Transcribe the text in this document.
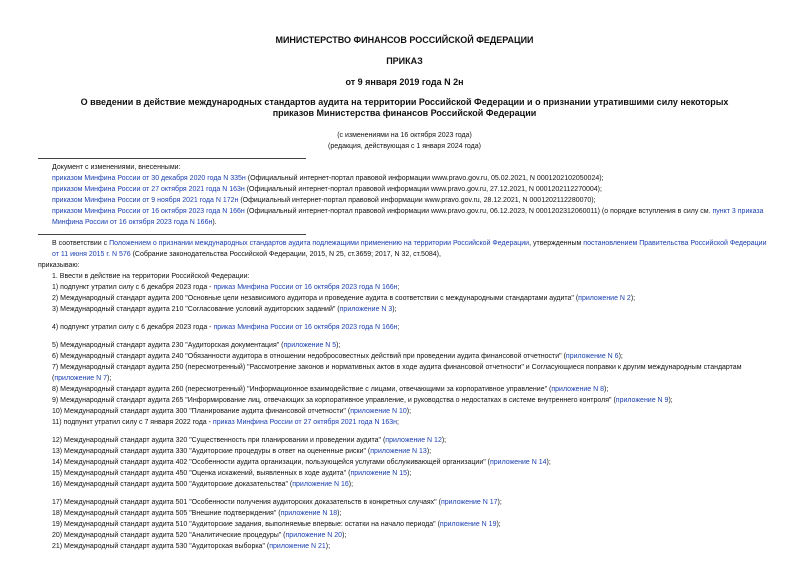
МИНИСТЕРСТВО ФИНАНСОВ РОССИЙСКОЙ ФЕДЕРАЦИИ
ПРИКАЗ
от 9 января 2019 года N 2н
О введении в действие международных стандартов аудита на территории Российской Федерации и о признании утратившими силу некоторых приказов Министерства финансов Российской Федерации
(с изменениями на 16 октября 2023 года)
(редакция, действующая с 1 января 2024 года)
Документ с изменениями, внесенными:
приказом Минфина России от 30 декабря 2020 года N 335н (Официальный интернет-портал правовой информации www.pravo.gov.ru, 05.02.2021, N 0001202102050024);
приказом Минфина России от 27 октября 2021 года N 163н (Официальный интернет-портал правовой информации www.pravo.gov.ru, 27.12.2021, N 0001202112270004);
приказом Минфина России от 9 ноября 2021 года N 172н (Официальный интернет-портал правовой информации www.pravo.gov.ru, 28.12.2021, N 0001202112280070);
приказом Минфина России от 16 октября 2023 года N 166н (Официальный интернет-портал правовой информации www.pravo.gov.ru, 06.12.2023, N 0001202312060011) (о порядке вступления в силу см. пункт 3 приказа Минфина России от 16 октября 2023 года N 166н).

В соответствии с Положением о признании международных стандартов аудита подлежащими применению на территории Российской Федерации, утвержденным постановлением Правительства Российской Федерации от 11 июня 2015 г. N 576 (Собрание законодательства Российской Федерации, 2015, N 25, ст.3659; 2017, N 32, ст.5084),

приказываю:

1. Ввести в действие на территории Российской Федерации:

1) подпункт утратил силу с 6 декабря 2023 года - приказ Минфина России от 16 октября 2023 года N 166н;

2) Международный стандарт аудита 200 "Основные цели независимого аудитора и проведение аудита в соответствии с международными стандартами аудита" (приложение N 2);

3) Международный стандарт аудита 210 "Согласование условий аудиторских заданий" (приложение N 3);

4) подпункт утратил силу с 6 декабря 2023 года - приказ Минфина России от 16 октября 2023 года N 166н;

5) Международный стандарт аудита 230 "Аудиторская документация" (приложение N 5);

6) Международный стандарт аудита 240 "Обязанности аудитора в отношении недобросовестных действий при проведении аудита финансовой отчетности" (приложение N 6);

7) Международный стандарт аудита 250 (пересмотренный) "Рассмотрение законов и нормативных актов в ходе аудита финансовой отчетности" и Согласующиеся поправки к другим международным стандартам (приложение N 7);

8) Международный стандарт аудита 260 (пересмотренный) "Информационное взаимодействие с лицами, отвечающими за корпоративное управление" (приложение N 8);

9) Международный стандарт аудита 265 "Информирование лиц, отвечающих за корпоративное управление, и руководства о недостатках в системе внутреннего контроля" (приложение N 9);

10) Международный стандарт аудита 300 "Планирование аудита финансовой отчетности" (приложение N 10);

11) подпункт утратил силу с 7 января 2022 года - приказ Минфина России от 27 октября 2021 года N 163н;

12) Международный стандарт аудита 320 "Существенность при планировании и проведении аудита" (приложение N 12);

13) Международный стандарт аудита 330 "Аудиторские процедуры в ответ на оцененные риски" (приложение N 13);

14) Международный стандарт аудита 402 "Особенности аудита организации, пользующейся услугами обслуживающей организации" (приложение N 14);

15) Международный стандарт аудита 450 "Оценка искажений, выявленных в ходе аудита" (приложение N 15);

16) Международный стандарт аудита 500 "Аудиторские доказательства" (приложение N 16);

17) Международный стандарт аудита 501 "Особенности получения аудиторских доказательств в конкретных случаях" (приложение N 17);

18) Международный стандарт аудита 505 "Внешние подтверждения" (приложение N 18);

19) Международный стандарт аудита 510 "Аудиторские задания, выполняемые впервые: остатки на начало периода" (приложение N 19);

20) Международный стандарт аудита 520 "Аналитические процедуры" (приложение N 20);

21) Международный стандарт аудита 530 "Аудиторская выборка" (приложение N 21);
